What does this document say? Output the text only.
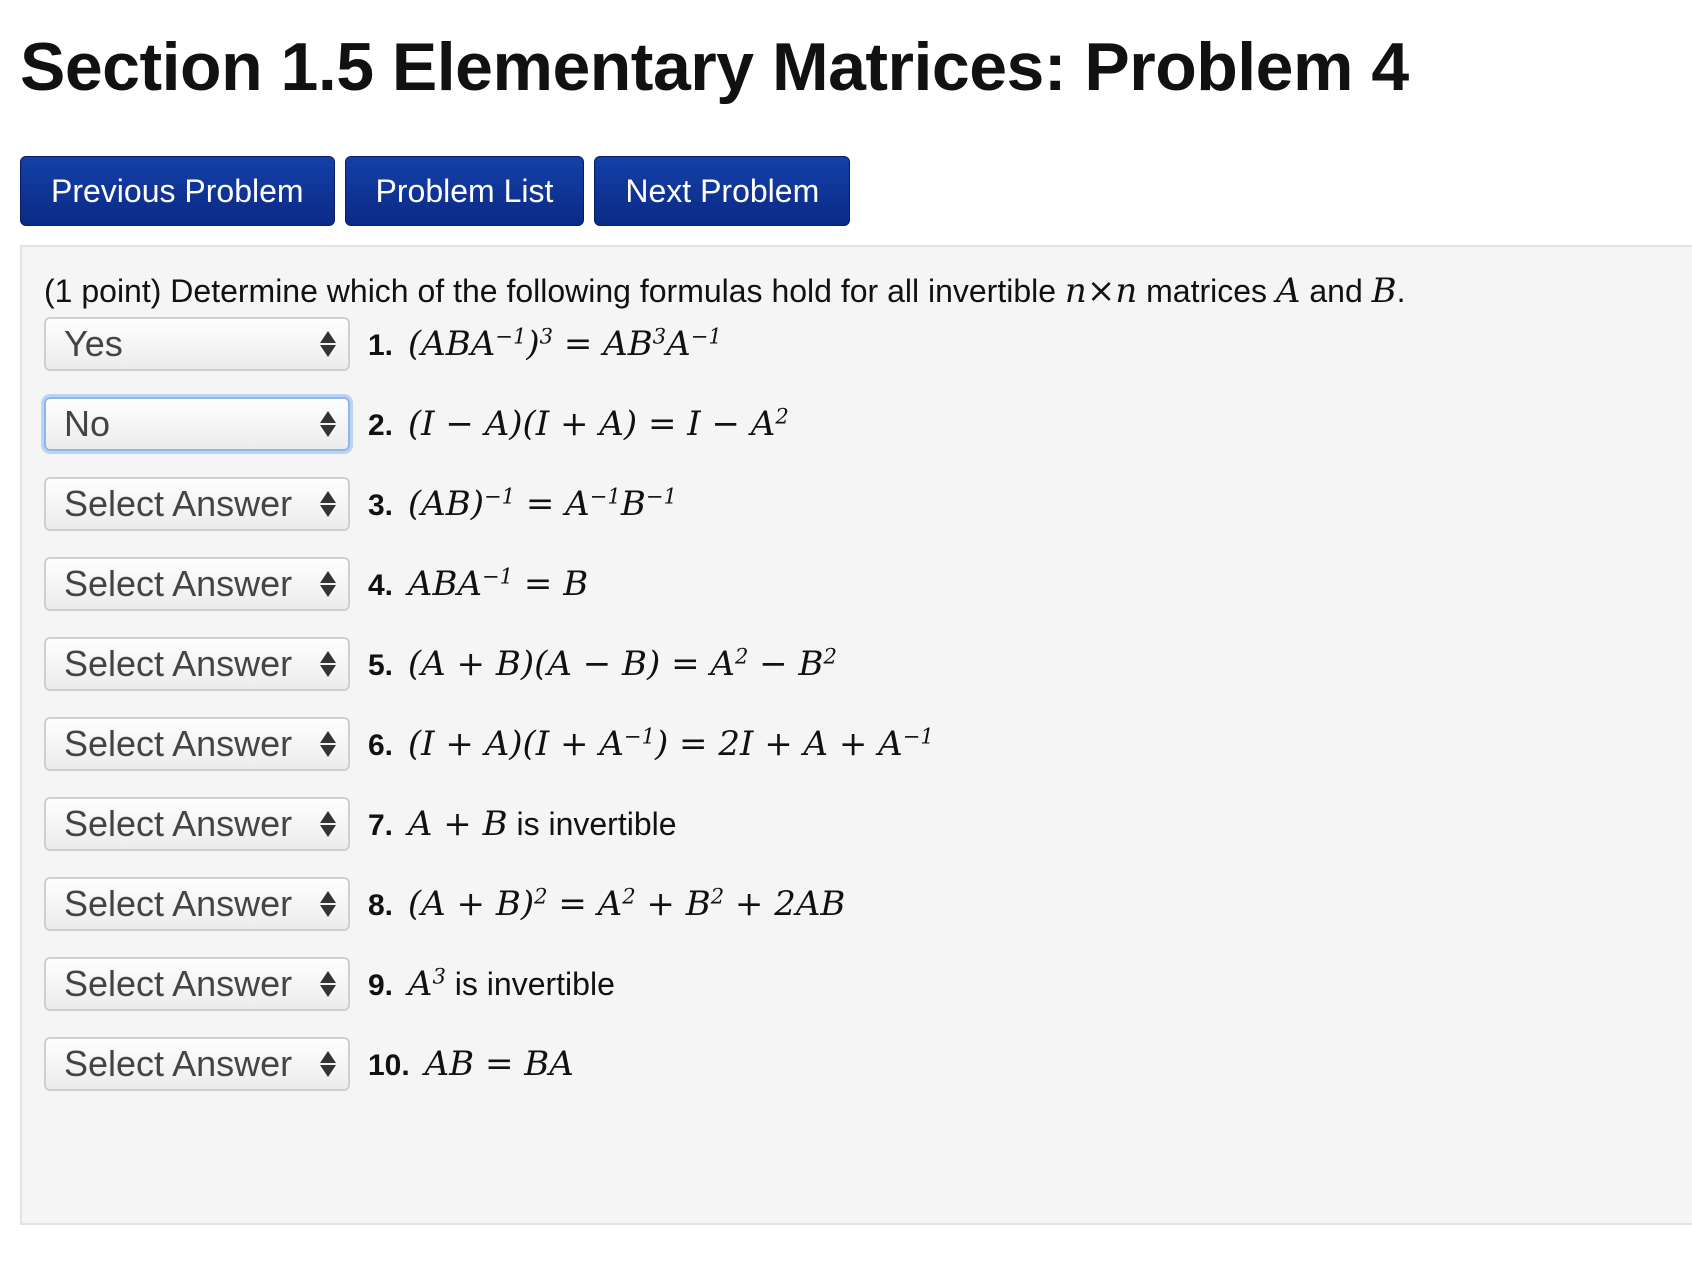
Section 1.5 Elementary Matrices: Problem 4
Previous Problem	Problem List	Next Problem
(1 point) Determine which of the following formulas hold for all invertible n×n matrices A and B.
Yes	1. $(ABA^{-1})^3 = AB^3A^{-1}$
No	2. $(I - A)(I + A) = I - A^2$
Select Answer	3. $(AB)^{-1} = A^{-1}B^{-1}$
Select Answer	4. $ABA^{-1} = B$
Select Answer	5. $(A + B)(A - B) = A^2 - B^2$
Select Answer	6. $(I + A)(I + A^{-1}) = 2I + A + A^{-1}$
Select Answer	7. A + B is invertible
Select Answer	8. $(A + B)^2 = A^2 + B^2 + 2AB$
Select Answer	9. $A^3$ is invertible
Select Answer	10. AB = BA
